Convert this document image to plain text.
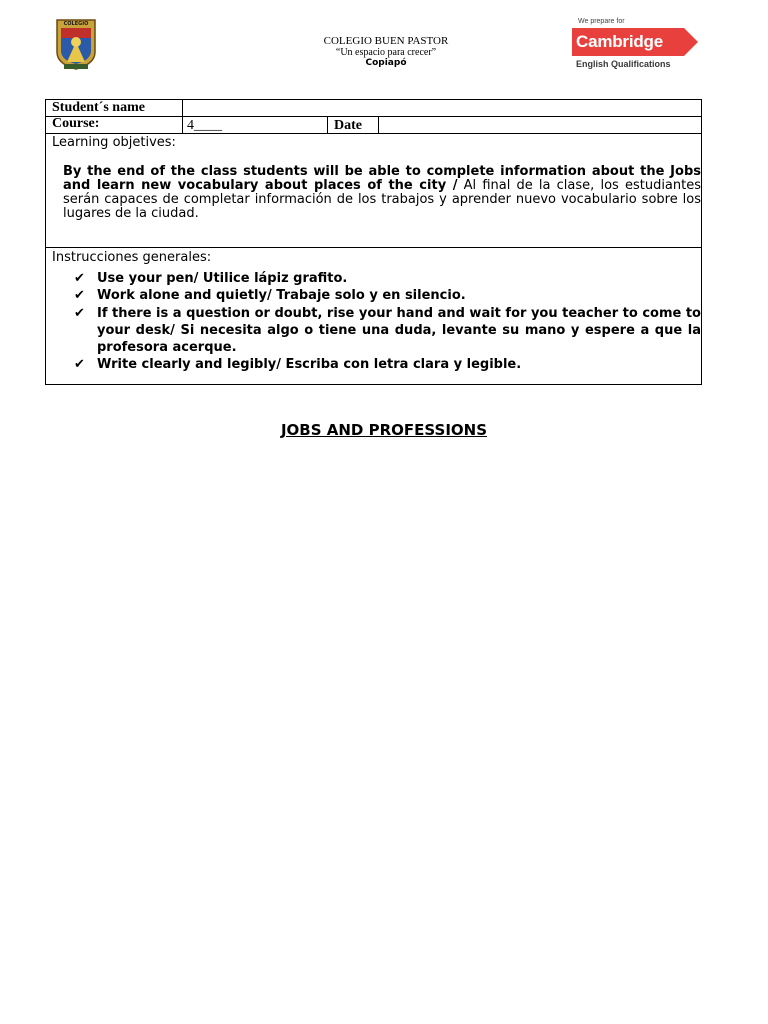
COLEGIO
COLEGIO BUEN PASTOR
“Un espacio para crecer”
Copiapó
We prepare for
Cambridge
English Qualifications
Student´s name
Course:	4____	Date
Learning objetives:
By the end of the class students will be able to complete information about the Jobs and learn new vocabulary about places of the city / Al final de la clase, los estudiantes serán capaces de completar información de los trabajos y aprender nuevo vocabulario sobre los lugares de la ciudad.
Instrucciones generales:
✔ Use your pen/ Utilice lápiz grafito.
✔ Work alone and quietly/ Trabaje solo y en silencio.
✔ If there is a question or doubt, rise your hand and wait for you teacher to come to your desk/ Si necesita algo o tiene una duda, levante su mano y espere a que la profesora acerque.
✔ Write clearly and legibly/ Escriba con letra clara y legible.
JOBS AND PROFESSIONS
